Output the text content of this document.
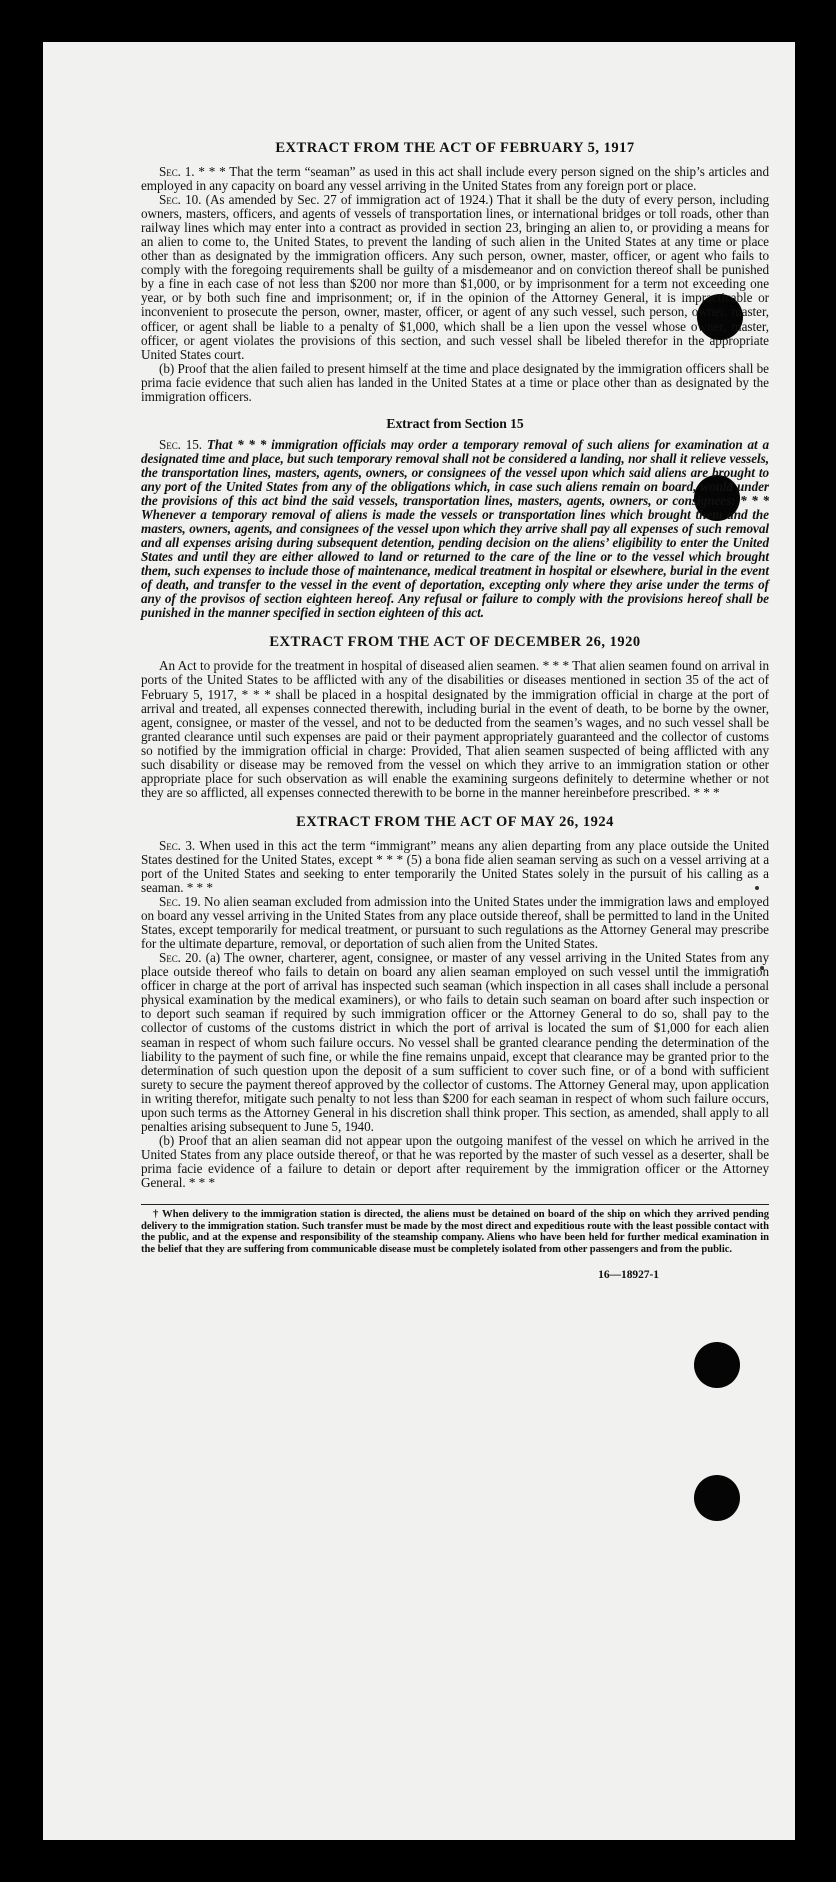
EXTRACT FROM THE ACT OF FEBRUARY 5, 1917

Sec. 1. * * * That the term “seaman” as used in this act shall include every person signed on the ship’s articles and employed in any capacity on board any vessel arriving in the United States from any foreign port or place.

Sec. 10. (As amended by Sec. 27 of immigration act of 1924.) That it shall be the duty of every person, including owners, masters, officers, and agents of vessels of transportation lines, or international bridges or toll roads, other than railway lines which may enter into a contract as provided in section 23, bringing an alien to, or providing a means for an alien to come to, the United States, to prevent the landing of such alien in the United States at any time or place other than as designated by the immigration officers. Any such person, owner, master, officer, or agent who fails to comply with the foregoing requirements shall be guilty of a misdemeanor and on conviction thereof shall be punished by a fine in each case of not less than $200 nor more than $1,000, or by imprisonment for a term not exceeding one year, or by both such fine and imprisonment; or, if in the opinion of the Attorney General, it is impracticable or inconvenient to prosecute the person, owner, master, officer, or agent of any such vessel, such person, owner, master, officer, or agent shall be liable to a penalty of $1,000, which shall be a lien upon the vessel whose owner, master, officer, or agent violates the provisions of this section, and such vessel shall be libeled therefor in the appropriate United States court.

(b) Proof that the alien failed to present himself at the time and place designated by the immigration officers shall be prima facie evidence that such alien has landed in the United States at a time or place other than as designated by the immigration officers.

Extract from Section 15

Sec. 15. That * * * immigration officials may order a temporary removal of such aliens for examination at a designated time and place, but such temporary removal shall not be considered a landing, nor shall it relieve vessels, the transportation lines, masters, agents, owners, or consignees of the vessel upon which said aliens are brought to any port of the United States from any of the obligations which, in case such aliens remain on board, would under the provisions of this act bind the said vessels, transportation lines, masters, agents, owners, or consignees: * * * Whenever a temporary removal of aliens is made the vessels or transportation lines which brought them and the masters, owners, agents, and consignees of the vessel upon which they arrive shall pay all expenses of such removal and all expenses arising during subsequent detention, pending decision on the aliens’ eligibility to enter the United States and until they are either allowed to land or returned to the care of the line or to the vessel which brought them, such expenses to include those of maintenance, medical treatment in hospital or elsewhere, burial in the event of death, and transfer to the vessel in the event of deportation, excepting only where they arise under the terms of any of the provisos of section eighteen hereof. Any refusal or failure to comply with the provisions hereof shall be punished in the manner specified in section eighteen of this act.

EXTRACT FROM THE ACT OF DECEMBER 26, 1920

An Act to provide for the treatment in hospital of diseased alien seamen. * * * That alien seamen found on arrival in ports of the United States to be afflicted with any of the disabilities or diseases mentioned in section 35 of the act of February 5, 1917, * * * shall be placed in a hospital designated by the immigration official in charge at the port of arrival and treated, all expenses connected therewith, including burial in the event of death, to be borne by the owner, agent, consignee, or master of the vessel, and not to be deducted from the seamen’s wages, and no such vessel shall be granted clearance until such expenses are paid or their payment appropriately guaranteed and the collector of customs so notified by the immigration official in charge: Provided, That alien seamen suspected of being afflicted with any such disability or disease may be removed from the vessel on which they arrive to an immigration station or other appropriate place for such observation as will enable the examining surgeons definitely to determine whether or not they are so afflicted, all expenses connected therewith to be borne in the manner hereinbefore prescribed. * * *

EXTRACT FROM THE ACT OF MAY 26, 1924

Sec. 3. When used in this act the term “immigrant” means any alien departing from any place outside the United States destined for the United States, except * * * (5) a bona fide alien seaman serving as such on a vessel arriving at a port of the United States and seeking to enter temporarily the United States solely in the pursuit of his calling as a seaman. * * *

Sec. 19. No alien seaman excluded from admission into the United States under the immigration laws and employed on board any vessel arriving in the United States from any place outside thereof, shall be permitted to land in the United States, except temporarily for medical treatment, or pursuant to such regulations as the Attorney General may prescribe for the ultimate departure, removal, or deportation of such alien from the United States.

Sec. 20. (a) The owner, charterer, agent, consignee, or master of any vessel arriving in the United States from any place outside thereof who fails to detain on board any alien seaman employed on such vessel until the immigration officer in charge at the port of arrival has inspected such seaman (which inspection in all cases shall include a personal physical examination by the medical examiners), or who fails to detain such seaman on board after such inspection or to deport such seaman if required by such immigration officer or the Attorney General to do so, shall pay to the collector of customs of the customs district in which the port of arrival is located the sum of $1,000 for each alien seaman in respect of whom such failure occurs. No vessel shall be granted clearance pending the determination of the liability to the payment of such fine, or while the fine remains unpaid, except that clearance may be granted prior to the determination of such question upon the deposit of a sum sufficient to cover such fine, or of a bond with sufficient surety to secure the payment thereof approved by the collector of customs. The Attorney General may, upon application in writing therefor, mitigate such penalty to not less than $200 for each seaman in respect of whom such failure occurs, upon such terms as the Attorney General in his discretion shall think proper. This section, as amended, shall apply to all penalties arising subsequent to June 5, 1940.

(b) Proof that an alien seaman did not appear upon the outgoing manifest of the vessel on which he arrived in the United States from any place outside thereof, or that he was reported by the master of such vessel as a deserter, shall be prima facie evidence of a failure to detain or deport after requirement by the immigration officer or the Attorney General. * * *

† When delivery to the immigration station is directed, the aliens must be detained on board of the ship on which they arrived pending delivery to the immigration station. Such transfer must be made by the most direct and expeditious route with the least possible contact with the public, and at the expense and responsibility of the steamship company. Aliens who have been held for further medical examination in the belief that they are suffering from communicable disease must be completely isolated from other passengers and from the public.

16—18927-1
